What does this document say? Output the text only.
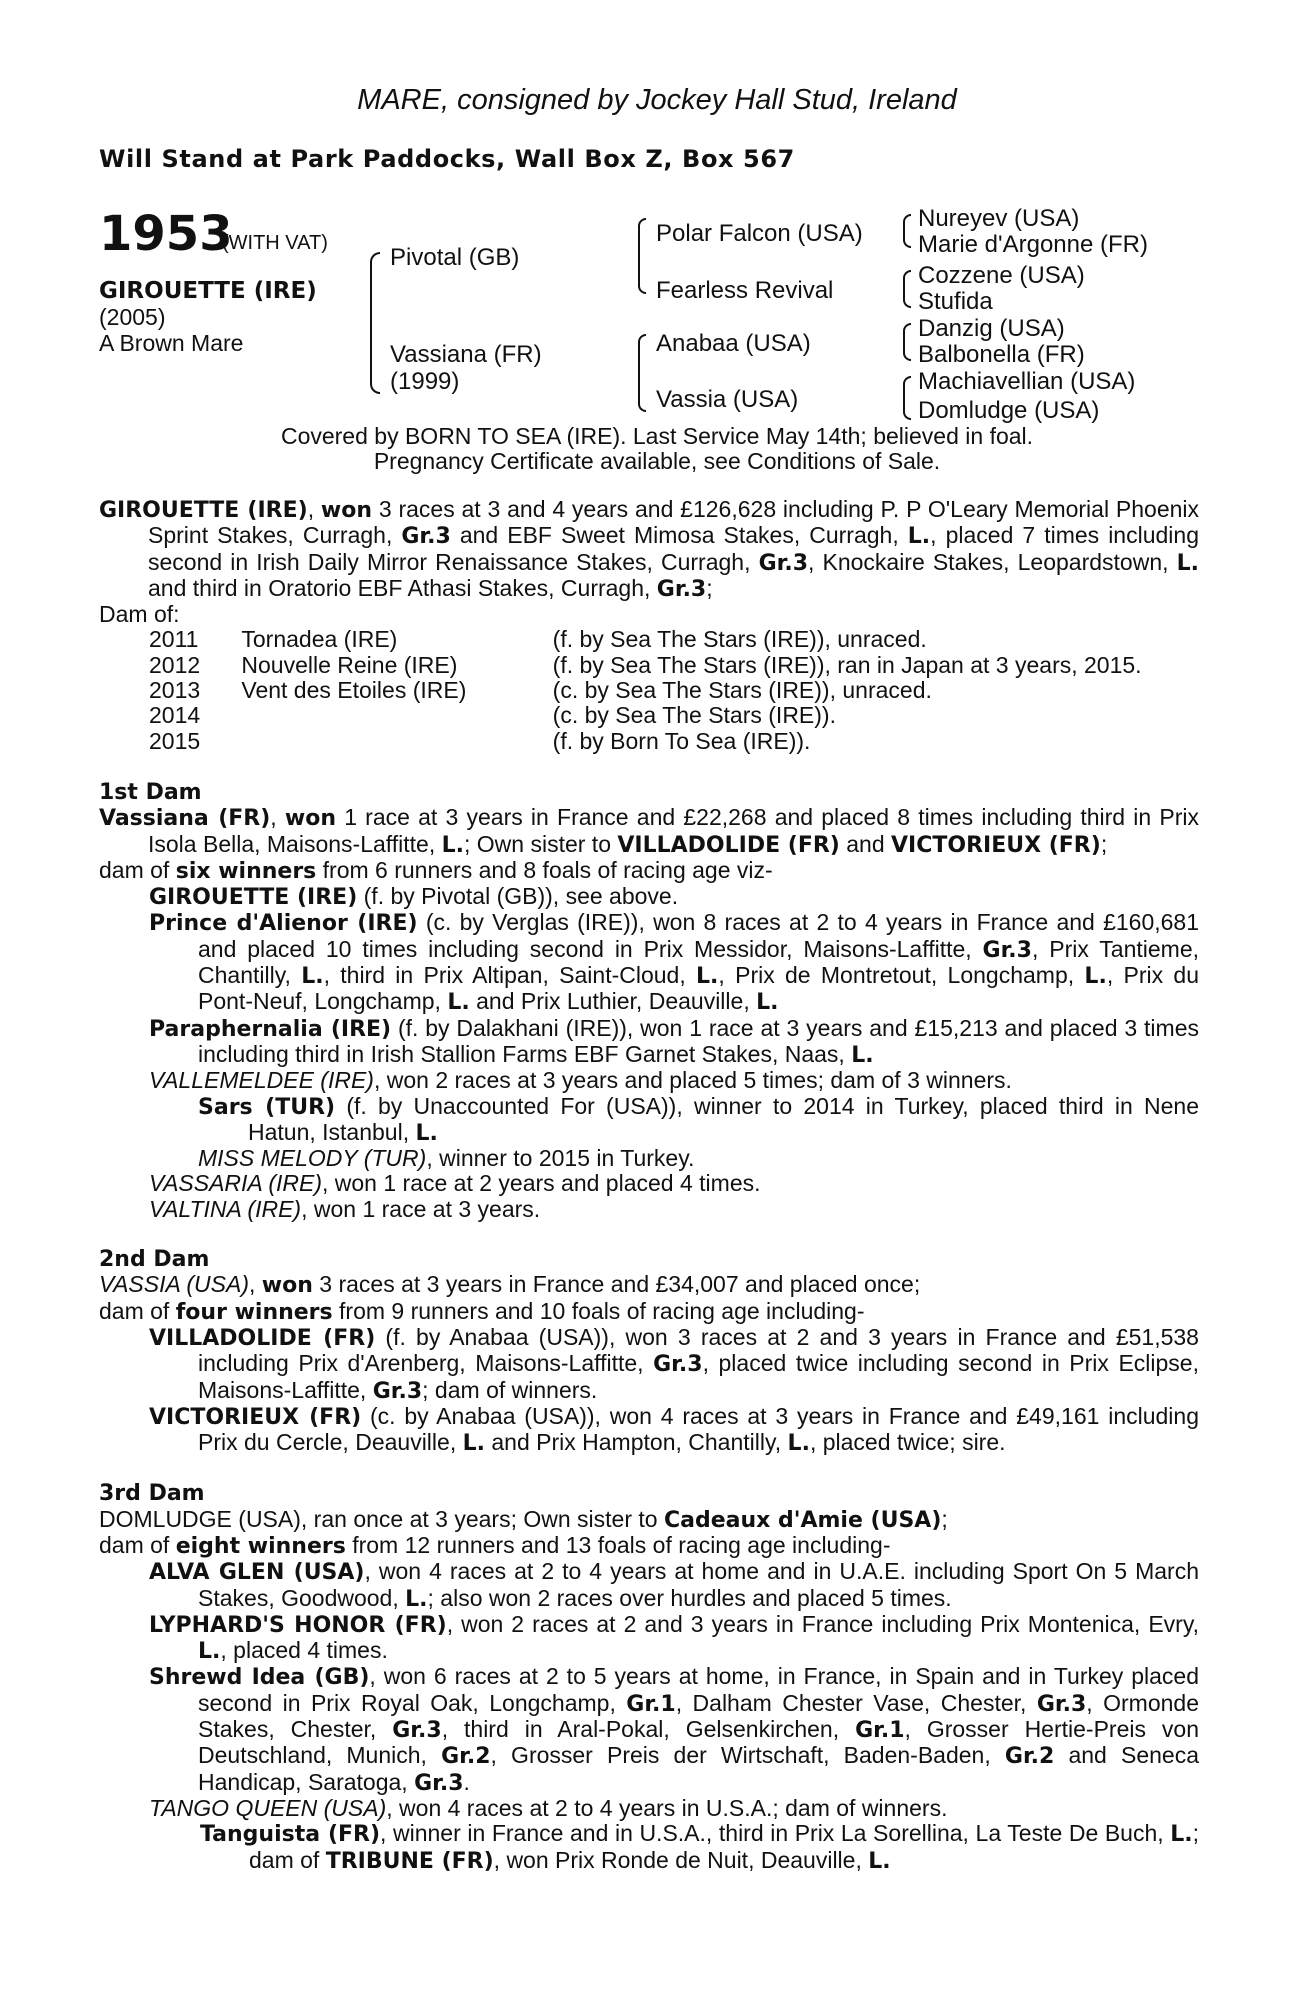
MARE, consigned by Jockey Hall Stud, Ireland
Will Stand at Park Paddocks, Wall Box Z, Box 567
1953
(WITH VAT)
GIROUETTE (IRE)
(2005)
A Brown Mare
Pivotal (GB)
Vassiana (FR)
(1999)
Polar Falcon (USA)
Fearless Revival
Anabaa (USA)
Vassia (USA)
Nureyev (USA)
Marie d'Argonne (FR)
Cozzene (USA)
Stufida
Danzig (USA)
Balbonella (FR)
Machiavellian (USA)
Domludge (USA)
Covered by BORN TO SEA (IRE). Last Service May 14th; believed in foal.
Pregnancy Certificate available, see Conditions of Sale.

GIROUETTE (IRE), won 3 races at 3 and 4 years and £126,628 including P. P O'Leary Memorial Phoenix Sprint Stakes, Curragh, Gr.3 and EBF Sweet Mimosa Stakes, Curragh, L., placed 7 times including second in Irish Daily Mirror Renaissance Stakes, Curragh, Gr.3, Knockaire Stakes, Leopardstown, L. and third in Oratorio EBF Athasi Stakes, Curragh, Gr.3;

Dam of:

2011	Tornadea (IRE)	(f. by Sea The Stars (IRE)), unraced.
2012	Nouvelle Reine (IRE)	(f. by Sea The Stars (IRE)), ran in Japan at 3 years, 2015.
2013	Vent des Etoiles (IRE)	(c. by Sea The Stars (IRE)), unraced.
2014		(c. by Sea The Stars (IRE)).
2015		(f. by Born To Sea (IRE)).

1st Dam

Vassiana (FR), won 1 race at 3 years in France and £22,268 and placed 8 times including third in Prix Isola Bella, Maisons-Laffitte, L.; Own sister to VILLADOLIDE (FR) and VICTORIEUX (FR);

dam of six winners from 6 runners and 8 foals of racing age viz-

GIROUETTE (IRE) (f. by Pivotal (GB)), see above.

Prince d'Alienor (IRE) (c. by Verglas (IRE)), won 8 races at 2 to 4 years in France and £160,681 and placed 10 times including second in Prix Messidor, Maisons-Laffitte, Gr.3, Prix Tantieme, Chantilly, L., third in Prix Altipan, Saint-Cloud, L., Prix de Montretout, Longchamp, L., Prix du Pont-Neuf, Longchamp, L. and Prix Luthier, Deauville, L.

Paraphernalia (IRE) (f. by Dalakhani (IRE)), won 1 race at 3 years and £15,213 and placed 3 times including third in Irish Stallion Farms EBF Garnet Stakes, Naas, L.

VALLEMELDEE (IRE), won 2 races at 3 years and placed 5 times; dam of 3 winners.

Sars (TUR) (f. by Unaccounted For (USA)), winner to 2014 in Turkey, placed third in Nene Hatun, Istanbul, L.

MISS MELODY (TUR), winner to 2015 in Turkey.

VASSARIA (IRE), won 1 race at 2 years and placed 4 times.

VALTINA (IRE), won 1 race at 3 years.

2nd Dam

VASSIA (USA), won 3 races at 3 years in France and £34,007 and placed once;

dam of four winners from 9 runners and 10 foals of racing age including-

VILLADOLIDE (FR) (f. by Anabaa (USA)), won 3 races at 2 and 3 years in France and £51,538 including Prix d'Arenberg, Maisons-Laffitte, Gr.3, placed twice including second in Prix Eclipse, Maisons-Laffitte, Gr.3; dam of winners.

VICTORIEUX (FR) (c. by Anabaa (USA)), won 4 races at 3 years in France and £49,161 including Prix du Cercle, Deauville, L. and Prix Hampton, Chantilly, L., placed twice; sire.

3rd Dam

DOMLUDGE (USA), ran once at 3 years; Own sister to Cadeaux d'Amie (USA);

dam of eight winners from 12 runners and 13 foals of racing age including-

ALVA GLEN (USA), won 4 races at 2 to 4 years at home and in U.A.E. including Sport On 5 March Stakes, Goodwood, L.; also won 2 races over hurdles and placed 5 times.

LYPHARD'S HONOR (FR), won 2 races at 2 and 3 years in France including Prix Montenica, Evry, L., placed 4 times.

Shrewd Idea (GB), won 6 races at 2 to 5 years at home, in France, in Spain and in Turkey placed second in Prix Royal Oak, Longchamp, Gr.1, Dalham Chester Vase, Chester, Gr.3, Ormonde Stakes, Chester, Gr.3, third in Aral-Pokal, Gelsenkirchen, Gr.1, Grosser Hertie-Preis von Deutschland, Munich, Gr.2, Grosser Preis der Wirtschaft, Baden-Baden, Gr.2 and Seneca Handicap, Saratoga, Gr.3.

TANGO QUEEN (USA), won 4 races at 2 to 4 years in U.S.A.; dam of winners.

Tanguista (FR), winner in France and in U.S.A., third in Prix La Sorellina, La Teste De Buch, L.; dam of TRIBUNE (FR), won Prix Ronde de Nuit, Deauville, L.
